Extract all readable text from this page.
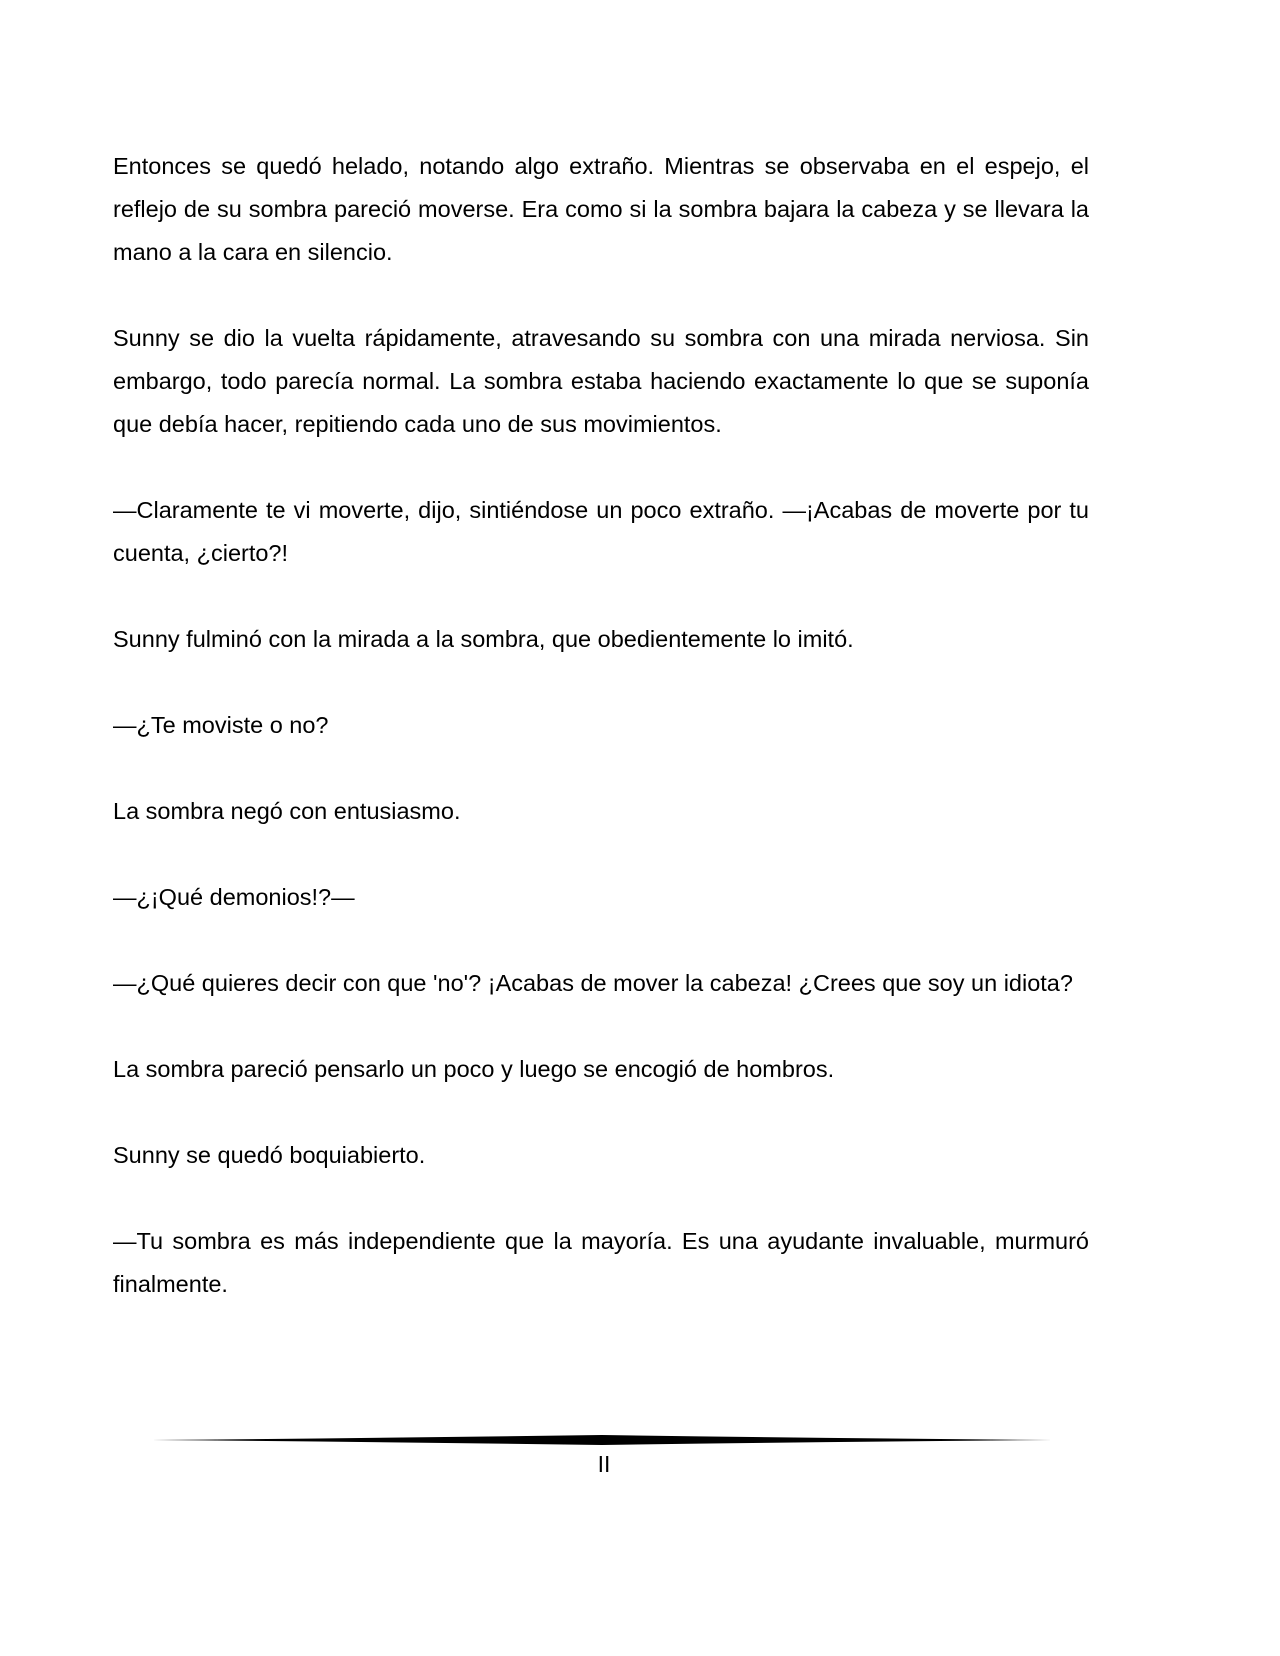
Entonces se quedó helado, notando algo extraño. Mientras se observaba en el espejo, el reflejo de su sombra pareció moverse. Era como si la sombra bajara la cabeza y se llevara la mano a la cara en silencio.

Sunny se dio la vuelta rápidamente, atravesando su sombra con una mirada nerviosa. Sin embargo, todo parecía normal. La sombra estaba haciendo exactamente lo que se suponía que debía hacer, repitiendo cada uno de sus movimientos.

—Claramente te vi moverte, dijo, sintiéndose un poco extraño. —¡Acabas de moverte por tu cuenta, ¿cierto?!

Sunny fulminó con la mirada a la sombra, que obedientemente lo imitó.

—¿Te moviste o no?

La sombra negó con entusiasmo.

—¿¡Qué demonios!?—

—¿Qué quieres decir con que 'no'? ¡Acabas de mover la cabeza! ¿Crees que soy un idiota?

La sombra pareció pensarlo un poco y luego se encogió de hombros.

Sunny se quedó boquiabierto.

—Tu sombra es más independiente que la mayoría. Es una ayudante invaluable, murmuró finalmente.

II
